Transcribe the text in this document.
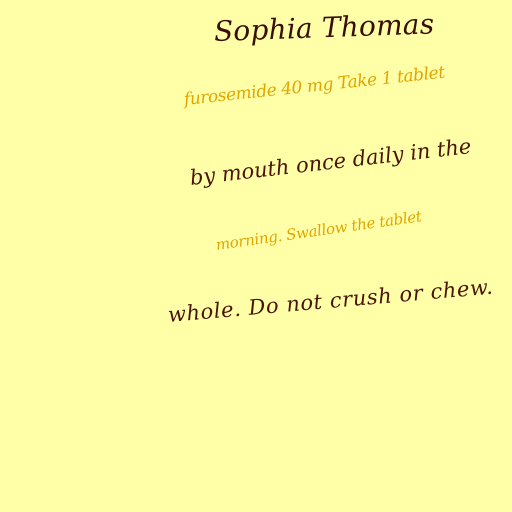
Sophia Thomas
furosemide 40 mg Take 1 tablet
by mouth once daily in the
morning. Swallow the tablet
whole. Do not crush or chew.
